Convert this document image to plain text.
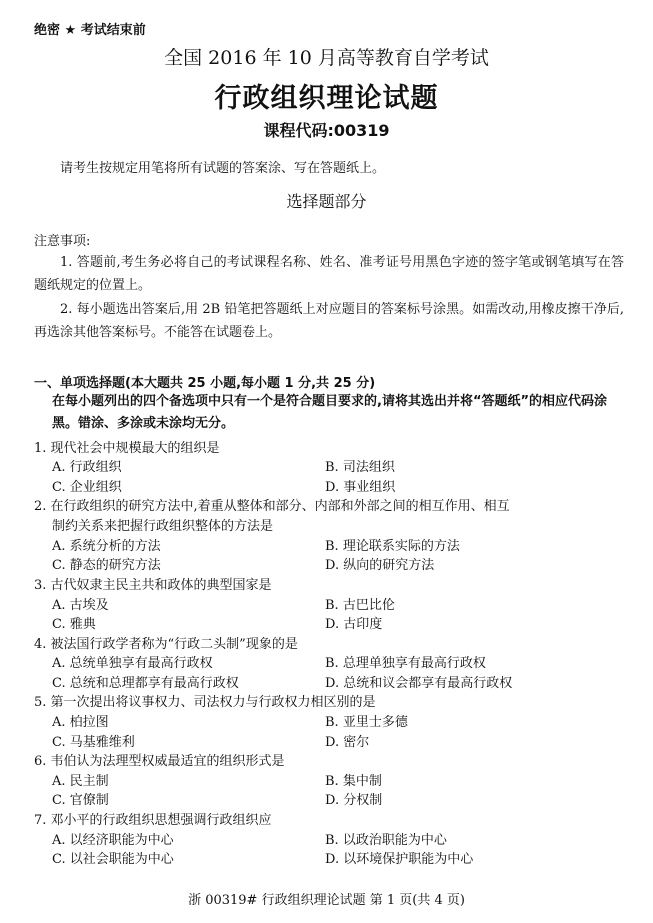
绝密 ★ 考试结束前
全国 2016 年 10 月高等教育自学考试
行政组织理论试题
课程代码:00319
请考生按规定用笔将所有试题的答案涂、写在答题纸上。
选择题部分
注意事项:
1. 答题前,考生务必将自己的考试课程名称、姓名、准考证号用黑色字迹的签字笔或钢笔填写在答题纸规定的位置上。
2. 每小题选出答案后,用 2B 铅笔把答题纸上对应题目的答案标号涂黑。如需改动,用橡皮擦干净后,再选涂其他答案标号。不能答在试题卷上。
一、单项选择题(本大题共 25 小题,每小题 1 分,共 25 分)
在每小题列出的四个备选项中只有一个是符合题目要求的,请将其选出并将“答题纸”的相应代码涂黑。错涂、多涂或未涂均无分。
1. 现代社会中规模最大的组织是
A. 行政组织	B. 司法组织
C. 企业组织	D. 事业组织
2. 在行政组织的研究方法中,着重从整体和部分、内部和外部之间的相互作用、相互
制约关系来把握行政组织整体的方法是
A. 系统分析的方法	B. 理论联系实际的方法
C. 静态的研究方法	D. 纵向的研究方法
3. 古代奴隶主民主共和政体的典型国家是
A. 古埃及	B. 古巴比伦
C. 雅典	D. 古印度
4. 被法国行政学者称为“行政二头制”现象的是
A. 总统单独享有最高行政权	B. 总理单独享有最高行政权
C. 总统和总理都享有最高行政权	D. 总统和议会都享有最高行政权
5. 第一次提出将议事权力、司法权力与行政权力相区别的是
A. 柏拉图	B. 亚里士多德
C. 马基雅维利	D. 密尔
6. 韦伯认为法理型权威最适宜的组织形式是
A. 民主制	B. 集中制
C. 官僚制	D. 分权制
7. 邓小平的行政组织思想强调行政组织应
A. 以经济职能为中心	B. 以政治职能为中心
C. 以社会职能为中心	D. 以环境保护职能为中心
浙 00319# 行政组织理论试题 第 1 页(共 4 页)
